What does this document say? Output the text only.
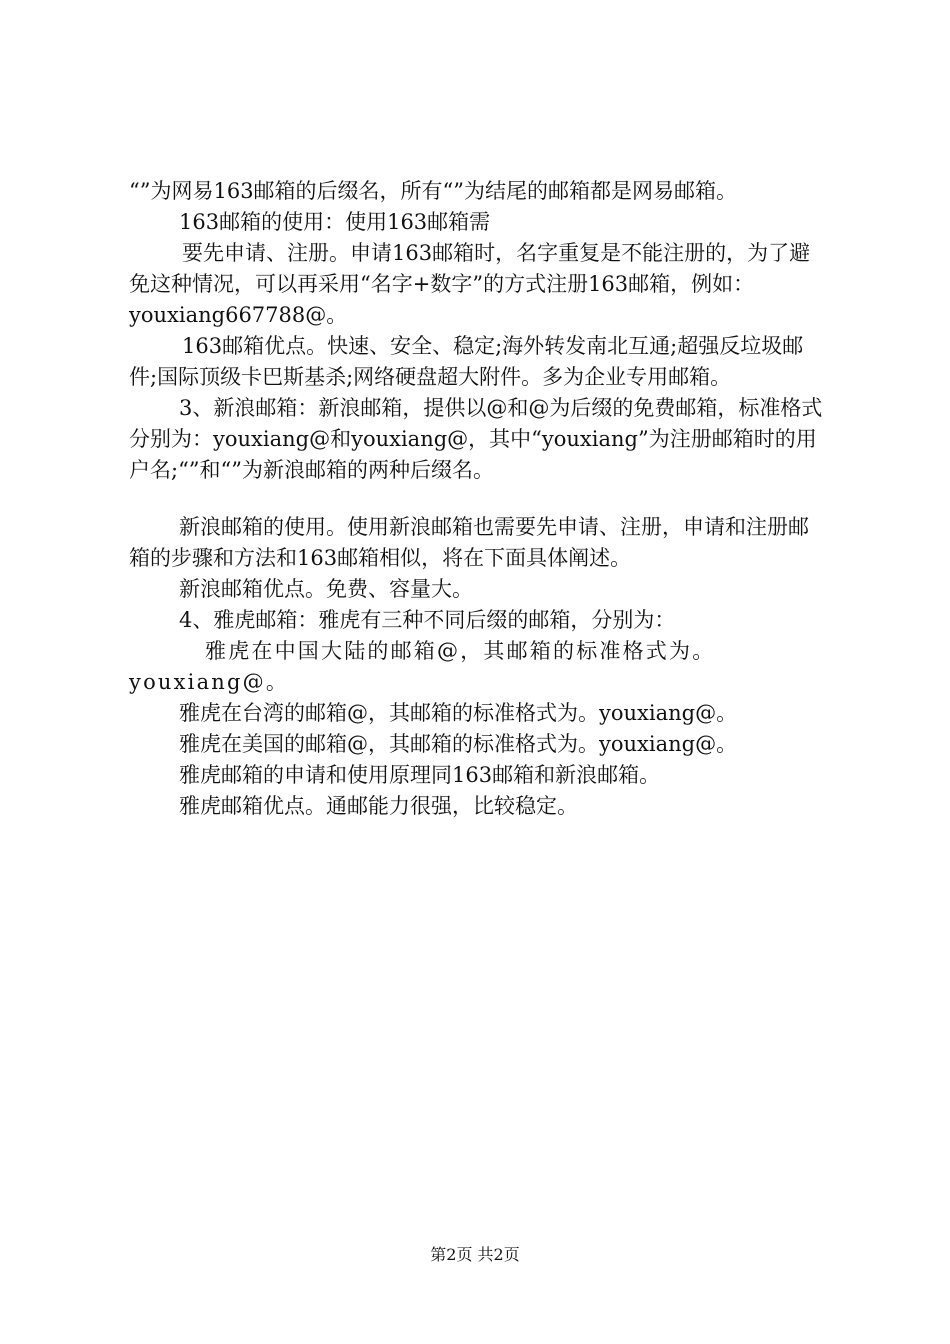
“”为网易163邮箱的后缀名，所有“”为结尾的邮箱都是网易邮箱。

163邮箱的使用：使用163邮箱需

要先申请、注册。申请163邮箱时，名字重复是不能注册的，为了避免这种情况，可以再采用“名字+数字”的方式注册163邮箱，例如：youxiang667788@。

163邮箱优点。快速、安全、稳定;海外转发南北互通;超强反垃圾邮件;国际顶级卡巴斯基杀;网络硬盘超大附件。多为企业专用邮箱。

3、新浪邮箱：新浪邮箱，提供以@和@为后缀的免费邮箱，标准格式分别为：youxiang@和youxiang@，其中“youxiang”为注册邮箱时的用户名;“”和“”为新浪邮箱的两种后缀名。

新浪邮箱的使用。使用新浪邮箱也需要先申请、注册，申请和注册邮箱的步骤和方法和163邮箱相似，将在下面具体阐述。

新浪邮箱优点。免费、容量大。

4、雅虎邮箱：雅虎有三种不同后缀的邮箱，分别为：

雅虎在中国大陆的邮箱@，其邮箱的标准格式为。youxiang@。

雅虎在台湾的邮箱@，其邮箱的标准格式为。youxiang@。

雅虎在美国的邮箱@，其邮箱的标准格式为。youxiang@。

雅虎邮箱的申请和使用原理同163邮箱和新浪邮箱。

雅虎邮箱优点。通邮能力很强，比较稳定。

第2页 共2页
